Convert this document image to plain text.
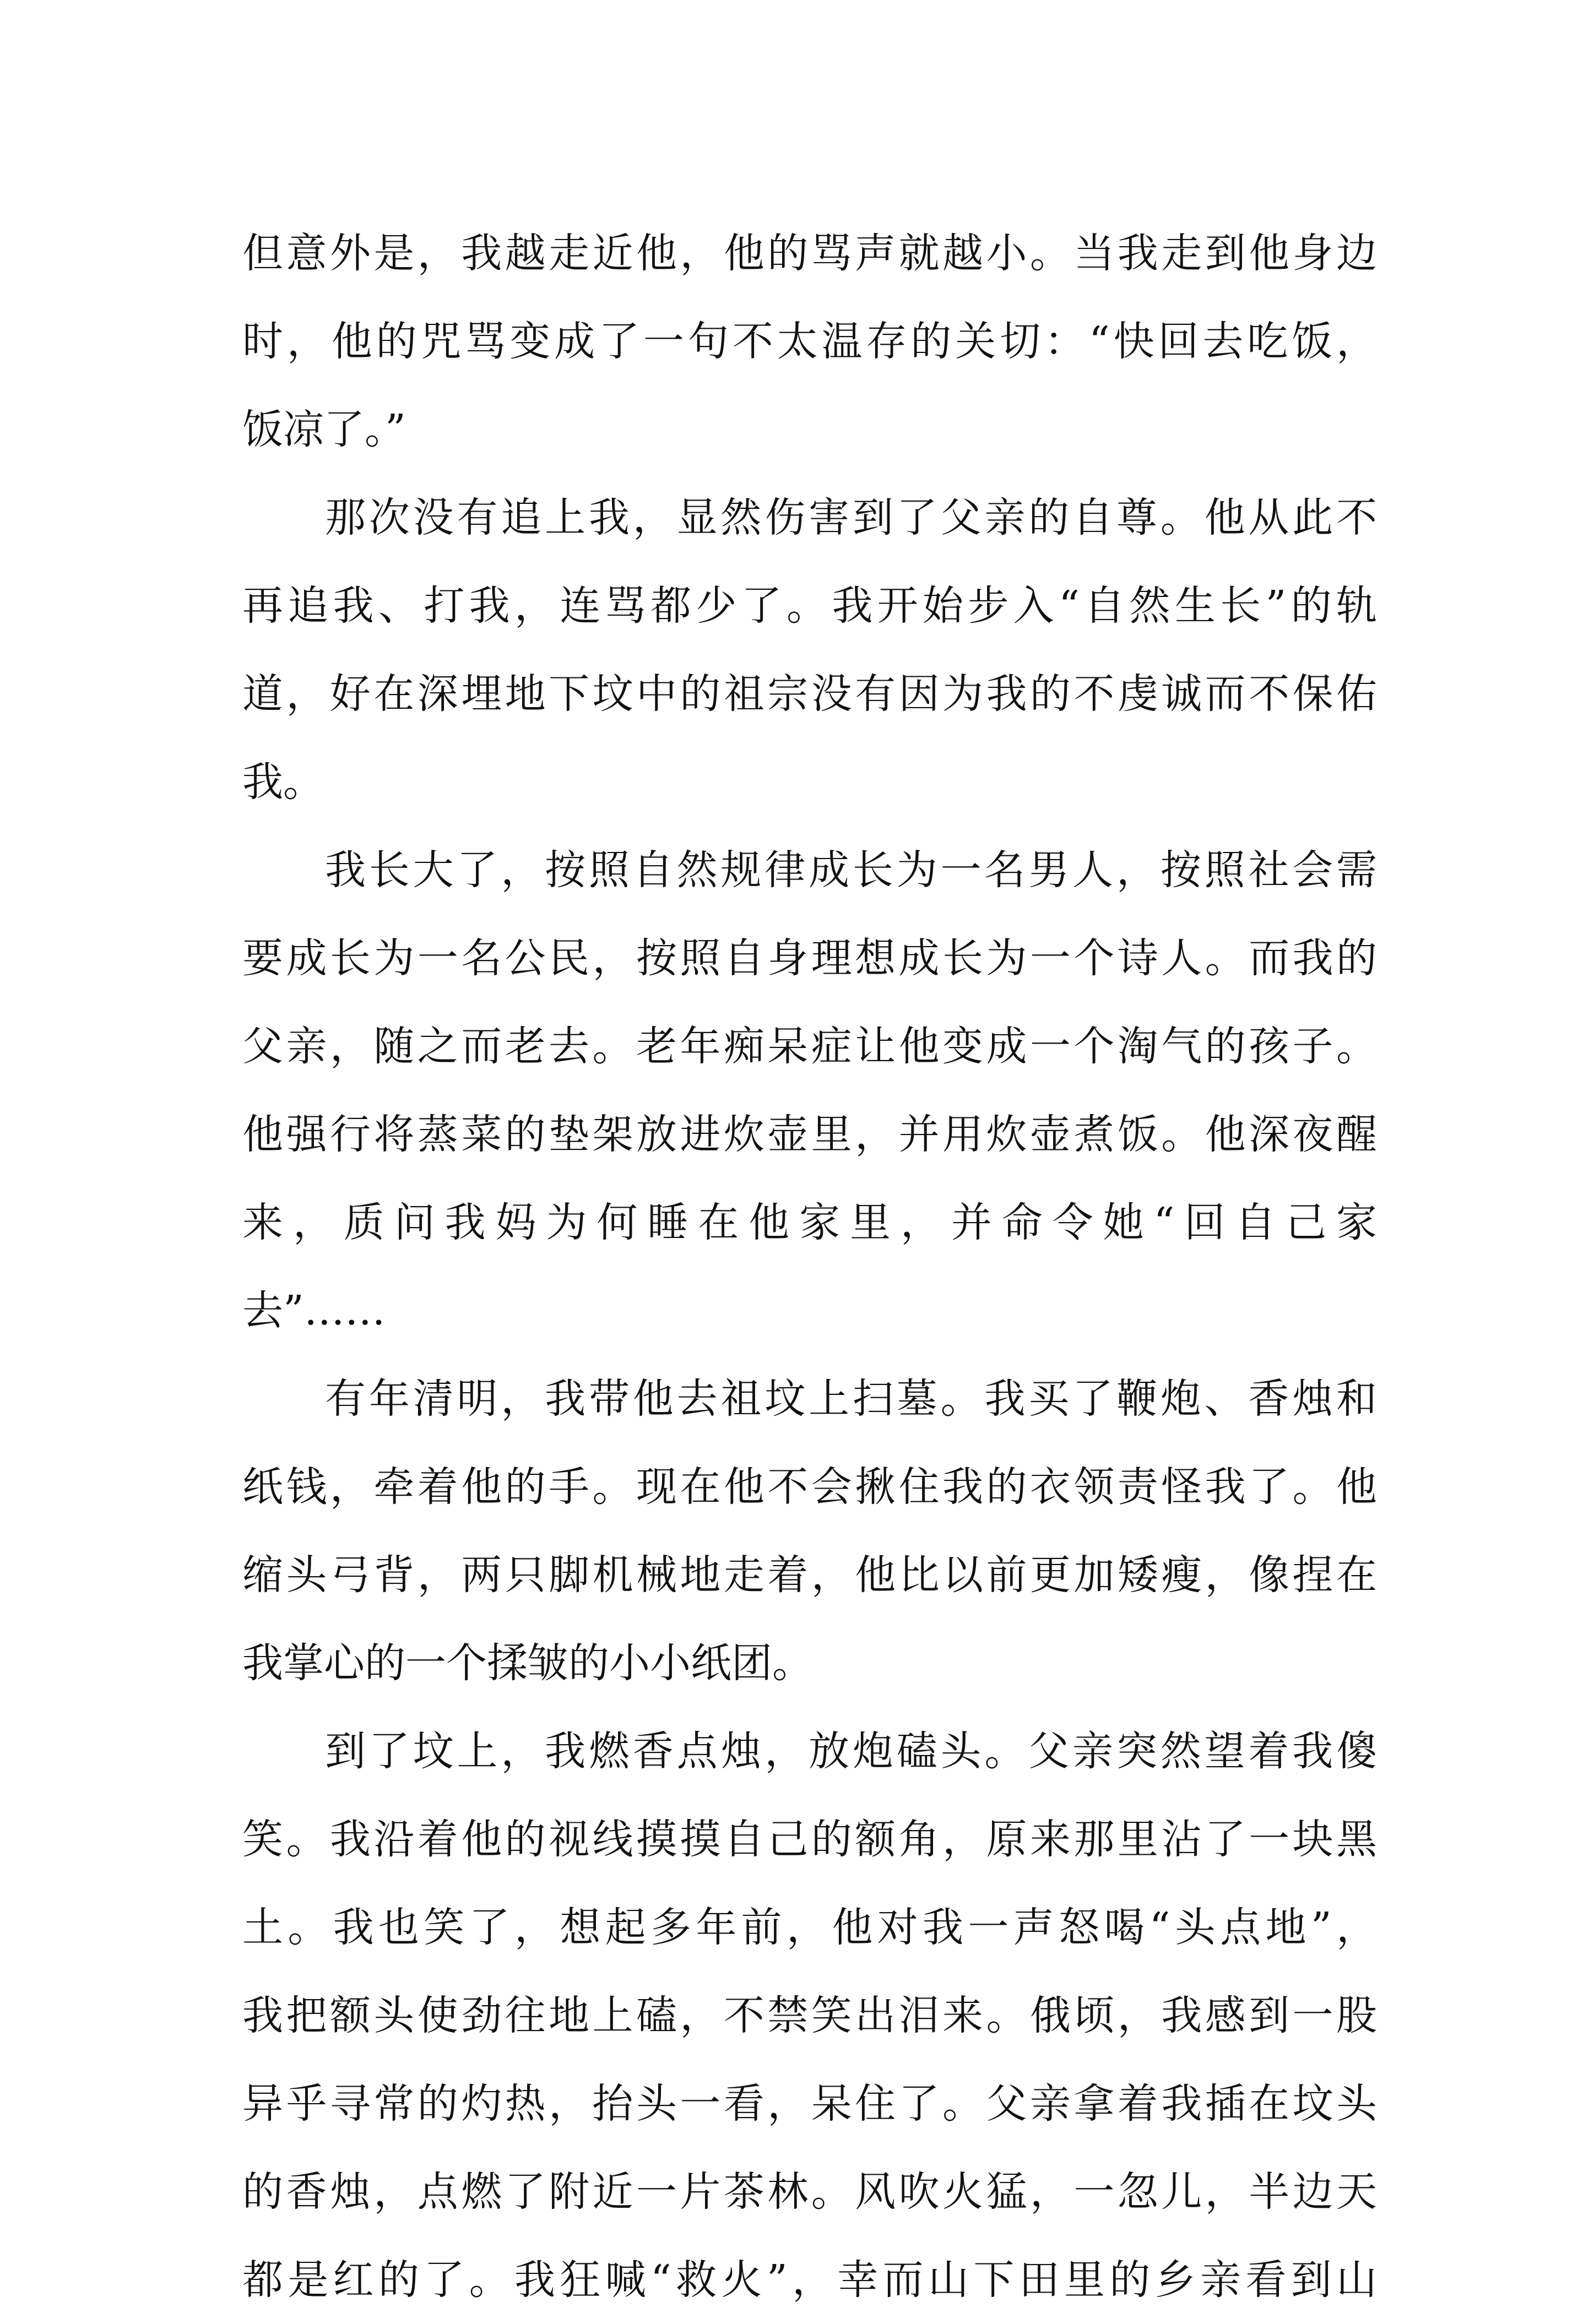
但意外是，我越走近他，他的骂声就越小。当我走到他身边
时，他的咒骂变成了一句不太温存的关切：“快回去吃饭，
饭凉了。”
那次没有追上我，显然伤害到了父亲的自尊。他从此不
再追我、打我，连骂都少了。我开始步入“自然生长”的轨
道，好在深埋地下坟中的祖宗没有因为我的不虔诚而不保佑
我。
我长大了，按照自然规律成长为一名男人，按照社会需
要成长为一名公民，按照自身理想成长为一个诗人。而我的
父亲，随之而老去。老年痴呆症让他变成一个淘气的孩子。
他强行将蒸菜的垫架放进炊壶里，并用炊壶煮饭。他深夜醒
来，质问我妈为何睡在他家里，并命令她“回自己家
去”……
有年清明，我带他去祖坟上扫墓。我买了鞭炮、香烛和
纸钱，牵着他的手。现在他不会揪住我的衣领责怪我了。他
缩头弓背，两只脚机械地走着，他比以前更加矮瘦，像捏在
我掌心的一个揉皱的小小纸团。
到了坟上，我燃香点烛，放炮磕头。父亲突然望着我傻
笑。我沿着他的视线摸摸自己的额角，原来那里沾了一块黑
土。我也笑了，想起多年前，他对我一声怒喝“头点地”，
我把额头使劲往地上磕，不禁笑出泪来。俄顷，我感到一股
异乎寻常的灼热，抬头一看，呆住了。父亲拿着我插在坟头
的香烛，点燃了附近一片茶林。风吹火猛，一忽儿，半边天
都是红的了。我狂喊“救火”，幸而山下田里的乡亲看到山
